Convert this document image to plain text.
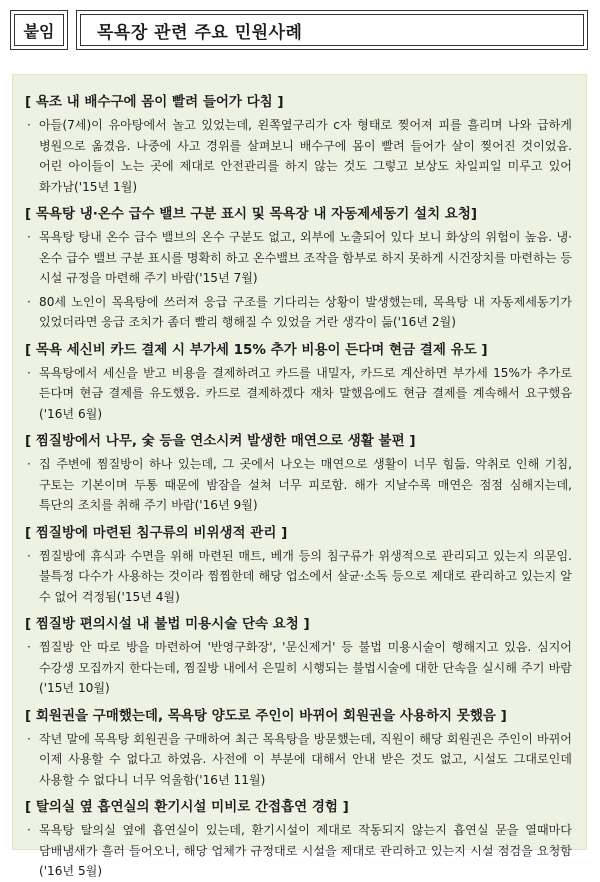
붙임	목욕장 관련 주요 민원사례
[ 욕조 내 배수구에 몸이 빨려 들어가 다침 ]
· 아들(7세)이 유아탕에서 놀고 있었는데, 왼쪽옆구리가 c자 형태로 찢어져 피를 흘리며 나와 급하게 병원으로 옮겼음. 나중에 사고 경위를 살펴보니 배수구에 몸이 빨려 들어가 살이 찢어진 것이었음. 어린 아이들이 노는 곳에 제대로 안전관리를 하지 않는 것도 그렇고 보상도 차일피일 미루고 있어 화가남('15년 1월)
[ 목욕탕 냉·온수 급수 밸브 구분 표시 및 목욕장 내 자동제세동기 설치 요청]
· 목욕탕 탕내 온수 급수 밸브의 온수 구분도 없고, 외부에 노출되어 있다 보니 화상의 위험이 높음. 냉·온수 급수 밸브 구분 표시를 명확히 하고 온수밸브 조작을 함부로 하지 못하게 시건장치를 마련하는 등 시설 규정을 마련해 주기 바람('15년 7월)
· 80세 노인이 목욕탕에 쓰러져 응급 구조를 기다리는 상황이 발생했는데, 목욕탕 내 자동제세동기가 있었더라면 응급 조치가 좀더 빨리 행해질 수 있었을 거란 생각이 듦('16년 2월)
[ 목욕 세신비 카드 결제 시 부가세 15% 추가 비용이 든다며 현금 결제 유도 ]
· 목욕탕에서 세신을 받고 비용을 결제하려고 카드를 내밀자, 카드로 계산하면 부가세 15%가 추가로 든다며 현금 결제를 유도했음. 카드로 결제하겠다 재차 말했음에도 현금 결제를 계속해서 요구했음('16년 6월)
[ 찜질방에서 나무, 숯 등을 연소시켜 발생한 매연으로 생활 불편 ]
· 집 주변에 찜질방이 하나 있는데, 그 곳에서 나오는 매연으로 생활이 너무 힘듦. 악취로 인해 기침, 구토는 기본이며 두통 때문에 밤잠을 설쳐 너무 피로함. 해가 지날수록 매연은 점점 심해지는데, 특단의 조치를 취해 주기 바람('16년 9월)
[ 찜질방에 마련된 침구류의 비위생적 관리 ]
· 찜질방에 휴식과 수면을 위해 마련된 매트, 베개 등의 침구류가 위생적으로 관리되고 있는지 의문임. 불특정 다수가 사용하는 것이라 찜찜한데 해당 업소에서 살균·소독 등으로 제대로 관리하고 있는지 알 수 없어 걱정됨('15년 4월)
[ 찜질방 편의시설 내 불법 미용시술 단속 요청 ]
· 찜질방 안 따로 방을 마련하여 '반영구화장', '문신제거' 등 불법 미용시술이 행해지고 있음. 심지어 수강생 모집까지 한다는데, 찜질방 내에서 은밀히 시행되는 불법시술에 대한 단속을 실시해 주기 바람('15년 10월)
[ 회원권을 구매했는데, 목욕탕 양도로 주인이 바뀌어 회원권을 사용하지 못했음 ]
· 작년 말에 목욕탕 회원권을 구매하여 최근 목욕탕을 방문했는데, 직원이 해당 회원권은 주인이 바뀌어 이제 사용할 수 없다고 하였음. 사전에 이 부분에 대해서 안내 받은 것도 없고, 시설도 그대로인데 사용할 수 없다니 너무 억울함('16년 11월)
[ 탈의실 옆 흡연실의 환기시설 미비로 간접흡연 경험 ]
· 목욕탕 탈의실 옆에 흡연실이 있는데, 환기시설이 제대로 작동되지 않는지 흡연실 문을 열때마다 담배냄새가 흘러 들어오니, 해당 업체가 규정대로 시설을 제대로 관리하고 있는지 시설 점검을 요청함('16년 5월)
